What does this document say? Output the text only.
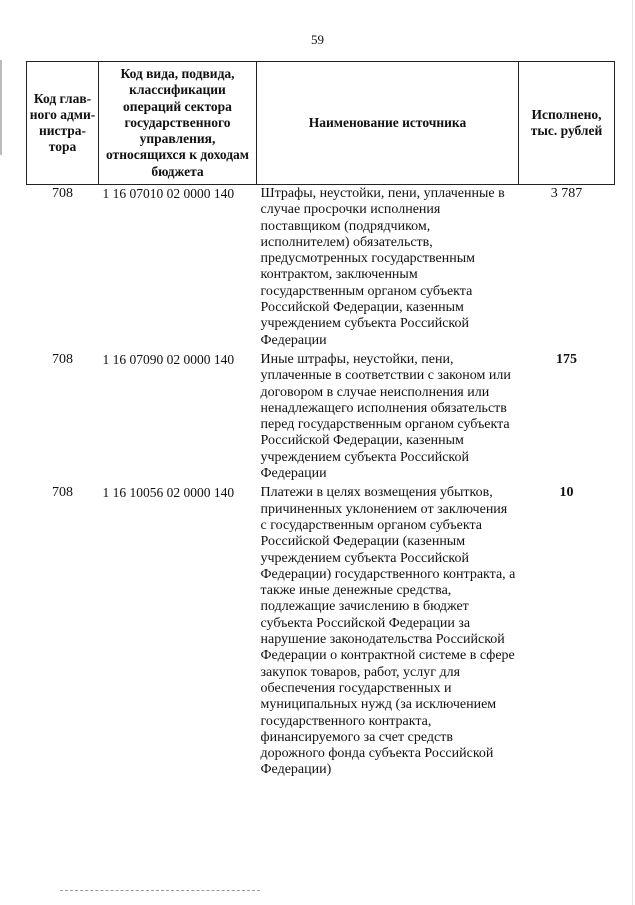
59
Код глав-ного адми-нистра-тора	Код вида, подвида, классификации операций сектора государственного управления, относящихся к доходам бюджета	Наименование источника	Исполнено, тыс. рублей
708	1 16 07010 02 0000 140	Штрафы, неустойки, пени, уплаченные в случае просрочки исполнения поставщиком (подрядчиком, исполнителем) обязательств, предусмотренных государственным контрактом, заключенным государственным органом субъекта Российской Федерации, казенным учреждением субъекта Российской Федерации	3 787
708	1 16 07090 02 0000 140	Иные штрафы, неустойки, пени, уплаченные в соответствии с законом или договором в случае неисполнения или ненадлежащего исполнения обязательств перед государственным органом субъекта Российской Федерации, казенным учреждением субъекта Российской Федерации	175
708	1 16 10056 02 0000 140	Платежи в целях возмещения убытков, причиненных уклонением от заключения с государственным органом субъекта Российской Федерации (казенным учреждением субъекта Российской Федерации) государственного контракта, а также иные денежные средства, подлежащие зачислению в бюджет субъекта Российской Федерации за нарушение законодательства Российской Федерации о контрактной системе в сфере закупок товаров, работ, услуг для обеспечения государственных и муниципальных нужд (за исключением государственного контракта, финансируемого за счет средств дорожного фонда субъекта Российской Федерации)	10
